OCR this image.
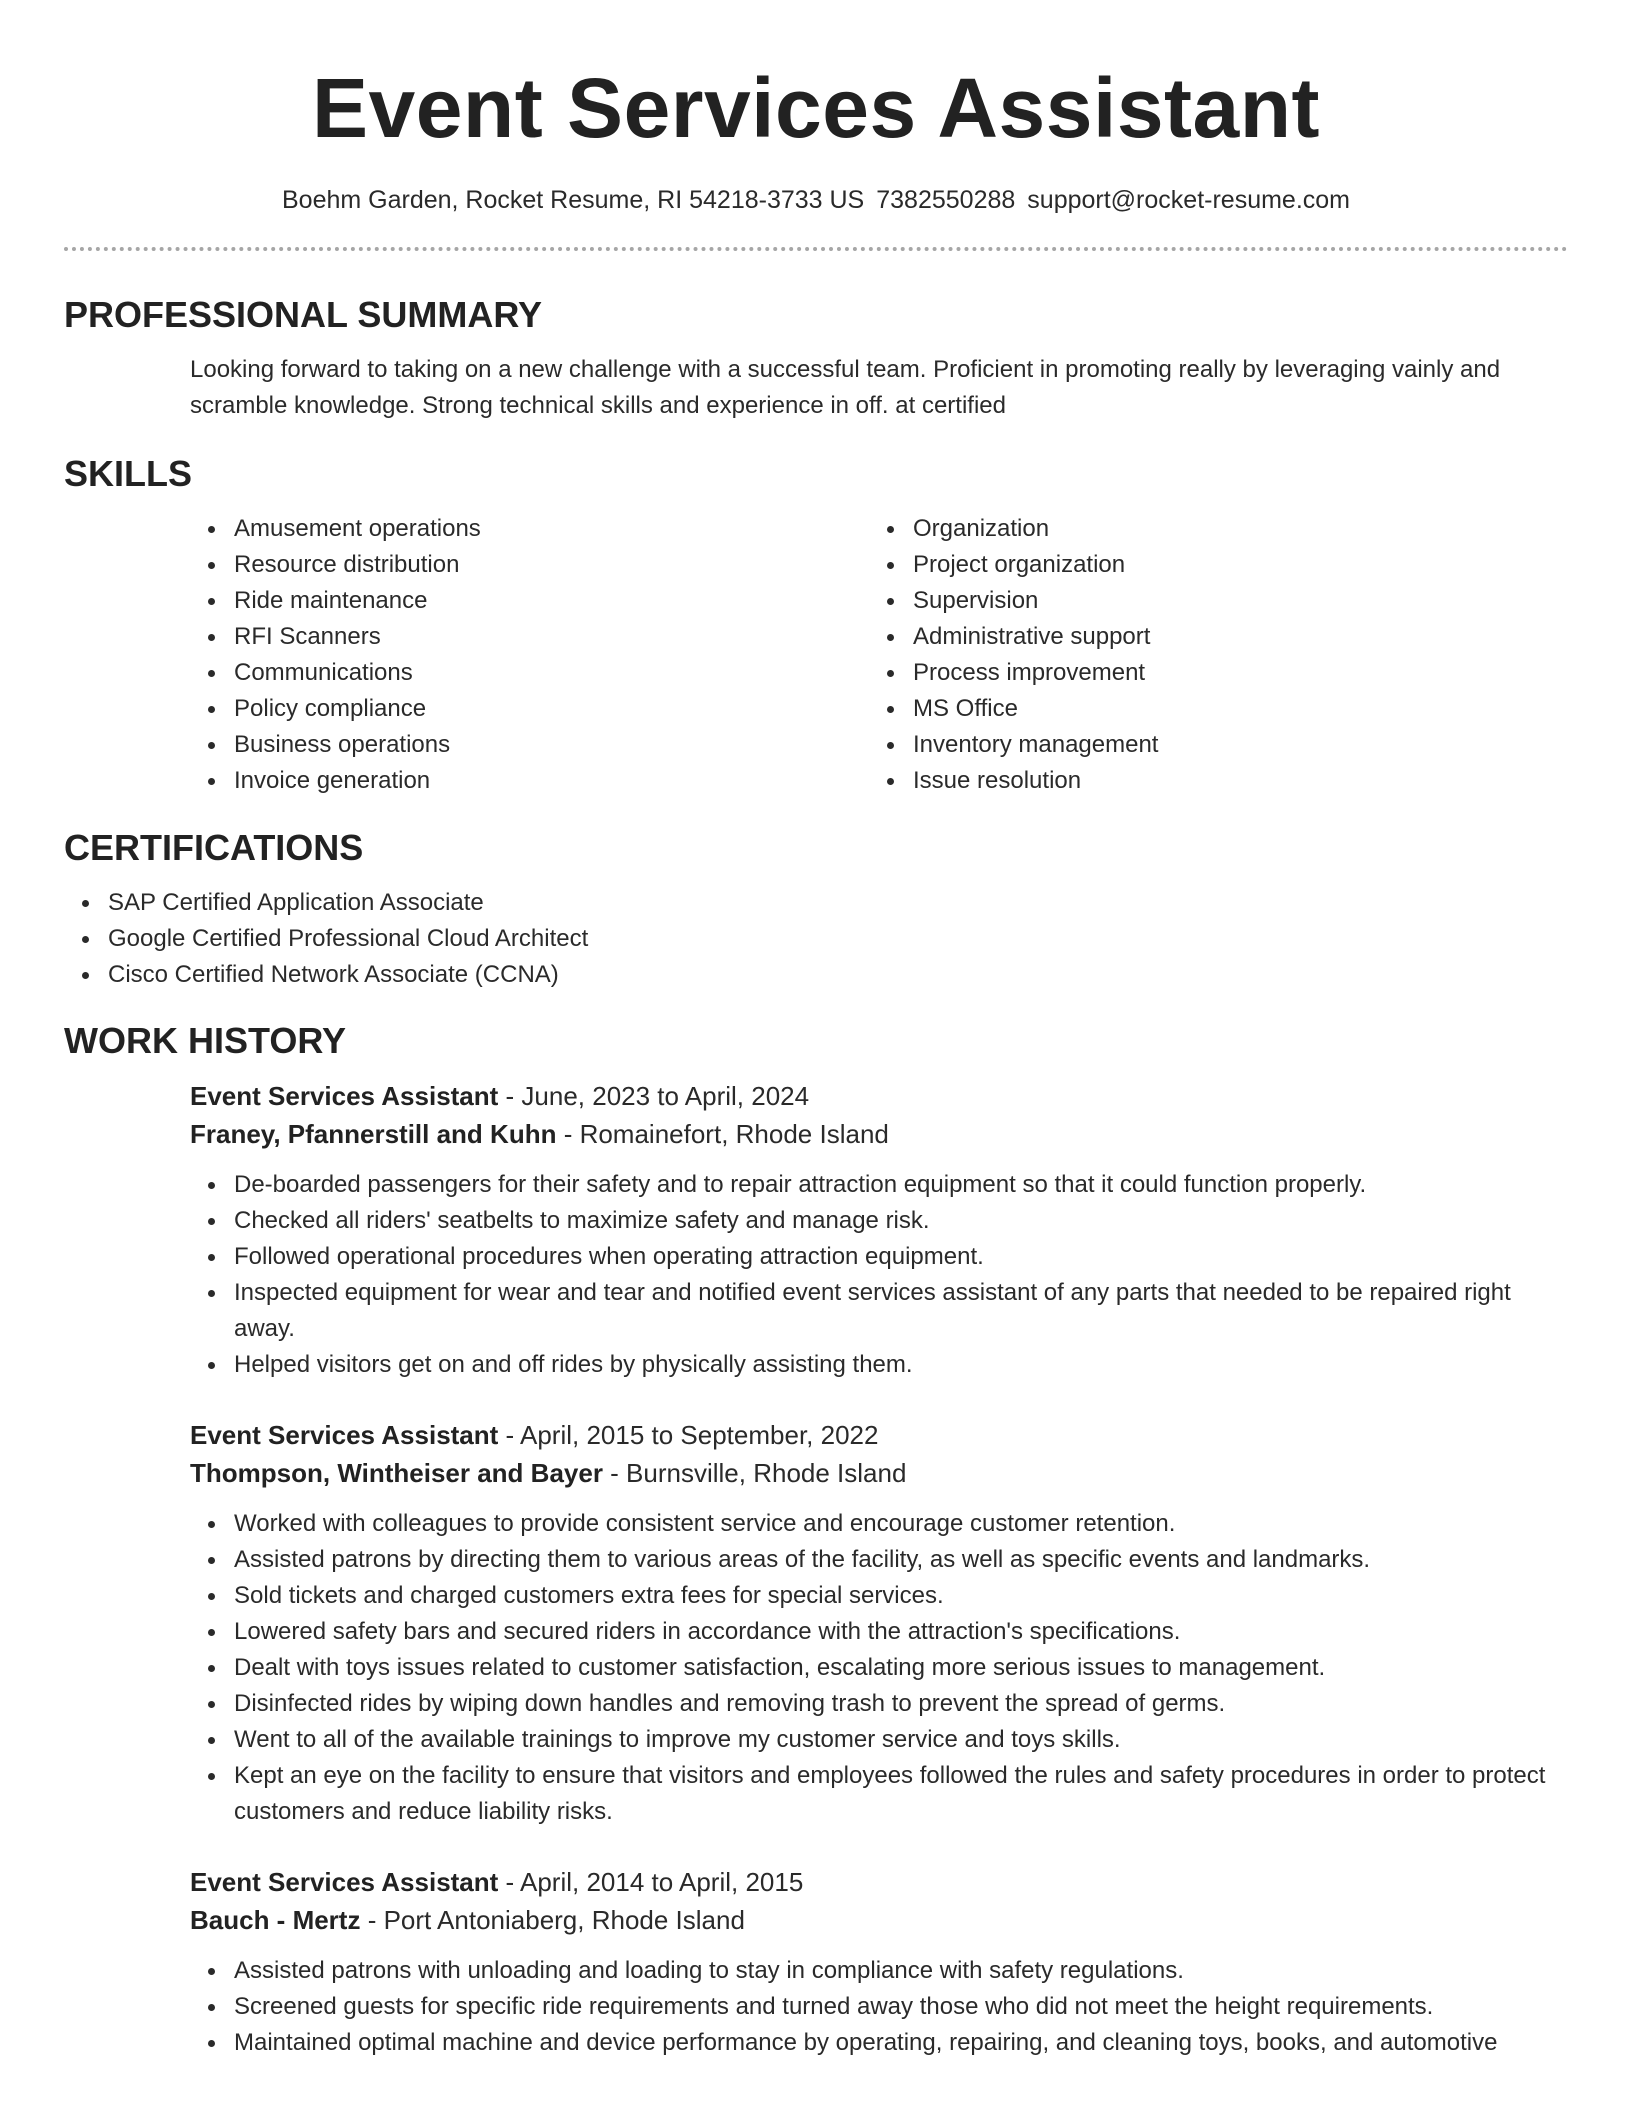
Event Services Assistant
Boehm Garden, Rocket Resume, RI 54218-3733 US 7382550288 support@rocket-resume.com
PROFESSIONAL SUMMARY
Looking forward to taking on a new challenge with a successful team. Proficient in promoting really by leveraging vainly and scramble knowledge. Strong technical skills and experience in off. at certified
SKILLS
Amusement operations
Resource distribution
Ride maintenance
RFI Scanners
Communications
Policy compliance
Business operations
Invoice generation
Organization
Project organization
Supervision
Administrative support
Process improvement
MS Office
Inventory management
Issue resolution
CERTIFICATIONS
SAP Certified Application Associate
Google Certified Professional Cloud Architect
Cisco Certified Network Associate (CCNA)
WORK HISTORY
Event Services Assistant - June, 2023 to April, 2024
Franey, Pfannerstill and Kuhn - Romainefort, Rhode Island
De-boarded passengers for their safety and to repair attraction equipment so that it could function properly.
Checked all riders' seatbelts to maximize safety and manage risk.
Followed operational procedures when operating attraction equipment.
Inspected equipment for wear and tear and notified event services assistant of any parts that needed to be repaired right away.
Helped visitors get on and off rides by physically assisting them.
Event Services Assistant - April, 2015 to September, 2022
Thompson, Wintheiser and Bayer - Burnsville, Rhode Island
Worked with colleagues to provide consistent service and encourage customer retention.
Assisted patrons by directing them to various areas of the facility, as well as specific events and landmarks.
Sold tickets and charged customers extra fees for special services.
Lowered safety bars and secured riders in accordance with the attraction's specifications.
Dealt with toys issues related to customer satisfaction, escalating more serious issues to management.
Disinfected rides by wiping down handles and removing trash to prevent the spread of germs.
Went to all of the available trainings to improve my customer service and toys skills.
Kept an eye on the facility to ensure that visitors and employees followed the rules and safety procedures in order to protect customers and reduce liability risks.
Event Services Assistant - April, 2014 to April, 2015
Bauch - Mertz - Port Antoniaberg, Rhode Island
Assisted patrons with unloading and loading to stay in compliance with safety regulations.
Screened guests for specific ride requirements and turned away those who did not meet the height requirements.
Maintained optimal machine and device performance by operating, repairing, and cleaning toys, books, and automotive
